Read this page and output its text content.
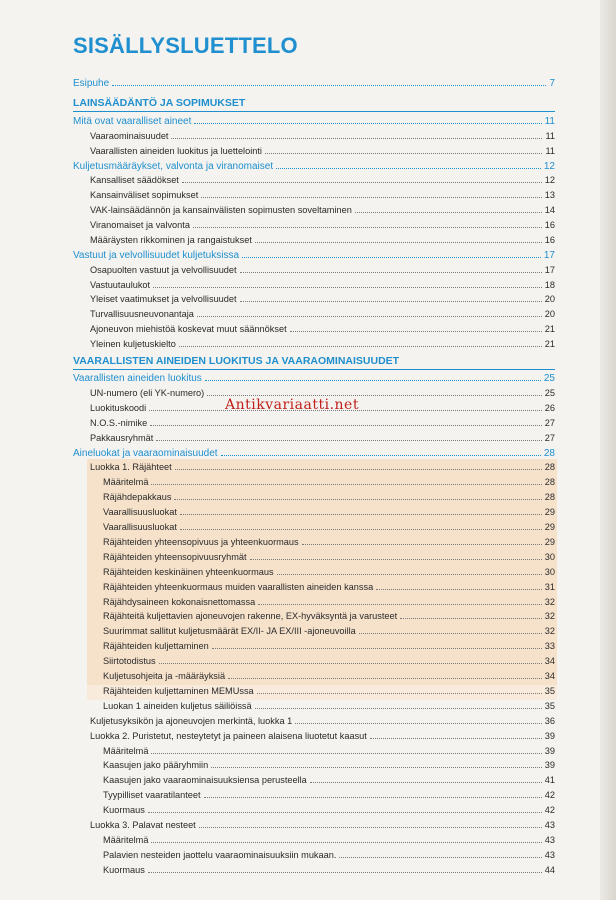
SISÄLLYSLUETTELO
Esipuhe	7
LAINSÄÄDÄNTÖ JA SOPIMUKSET
Mitä ovat vaaralliset aineet	11
Vaaraominaisuudet	11
Vaarallisten aineiden luokitus ja luettelointi	11
Kuljetusmääräykset, valvonta ja viranomaiset	12
Kansalliset säädökset	12
Kansainväliset sopimukset	13
VAK-lainsäädännön ja kansainvälisten sopimusten soveltaminen	14
Viranomaiset ja valvonta	16
Määräysten rikkominen ja rangaistukset	16
Vastuut ja velvollisuudet kuljetuksissa	17
Osapuolten vastuut ja velvollisuudet	17
Vastuutaulukot	18
Yleiset vaatimukset ja velvollisuudet	20
Turvallisuusneuvonantaja	20
Ajoneuvon miehistöä koskevat muut säännökset	21
Yleinen kuljetuskielto	21
VAARALLISTEN AINEIDEN LUOKITUS JA VAARAOMINAISUUDET
Vaarallisten aineiden luokitus	25
UN-numero (eli YK-numero)	25
Luokituskoodi	26
N.O.S.-nimike	27
Pakkausryhmät	27
Aineluokat ja vaaraominaisuudet	28
Luokka 1. Räjähteet	28
Määritelmä	28
Räjähdepakkaus	28
Vaarallisuusluokat	29
Vaarallisuusluokat	29
Räjähteiden yhteensopivuus ja yhteenkuormaus	29
Räjähteiden yhteensopivuusryhmät	30
Räjähteiden keskinäinen yhteenkuormaus	30
Räjähteiden yhteenkuormaus muiden vaarallisten aineiden kanssa	31
Räjähdysaineen kokonaisnettomassa	32
Räjähteitä kuljettavien ajoneuvojen rakenne, EX-hyväksyntä ja varusteet	32
Suurimmat sallitut kuljetusmäärät EX/II- JA EX/III -ajoneuvoilla	32
Räjähteiden kuljettaminen	33
Siirtotodistus	34
Kuljetusohjeita ja -määräyksiä	34
Räjähteiden kuljettaminen MEMUssa	35
Luokan 1 aineiden kuljetus säiliöissä	35
Kuljetusyksikön ja ajoneuvojen merkintä, luokka 1	36
Luokka 2. Puristetut, nesteytetyt ja paineen alaisena liuotetut kaasut	39
Määritelmä	39
Kaasujen jako pääryhmiin	39
Kaasujen jako vaaraominaisuuksiensa perusteella	41
Tyypilliset vaaratilanteet	42
Kuormaus	42
Luokka 3. Palavat nesteet	43
Määritelmä	43
Palavien nesteiden jaottelu vaaraominaisuuksiin mukaan.	43
Kuormaus	44
Antikvariaatti.net
